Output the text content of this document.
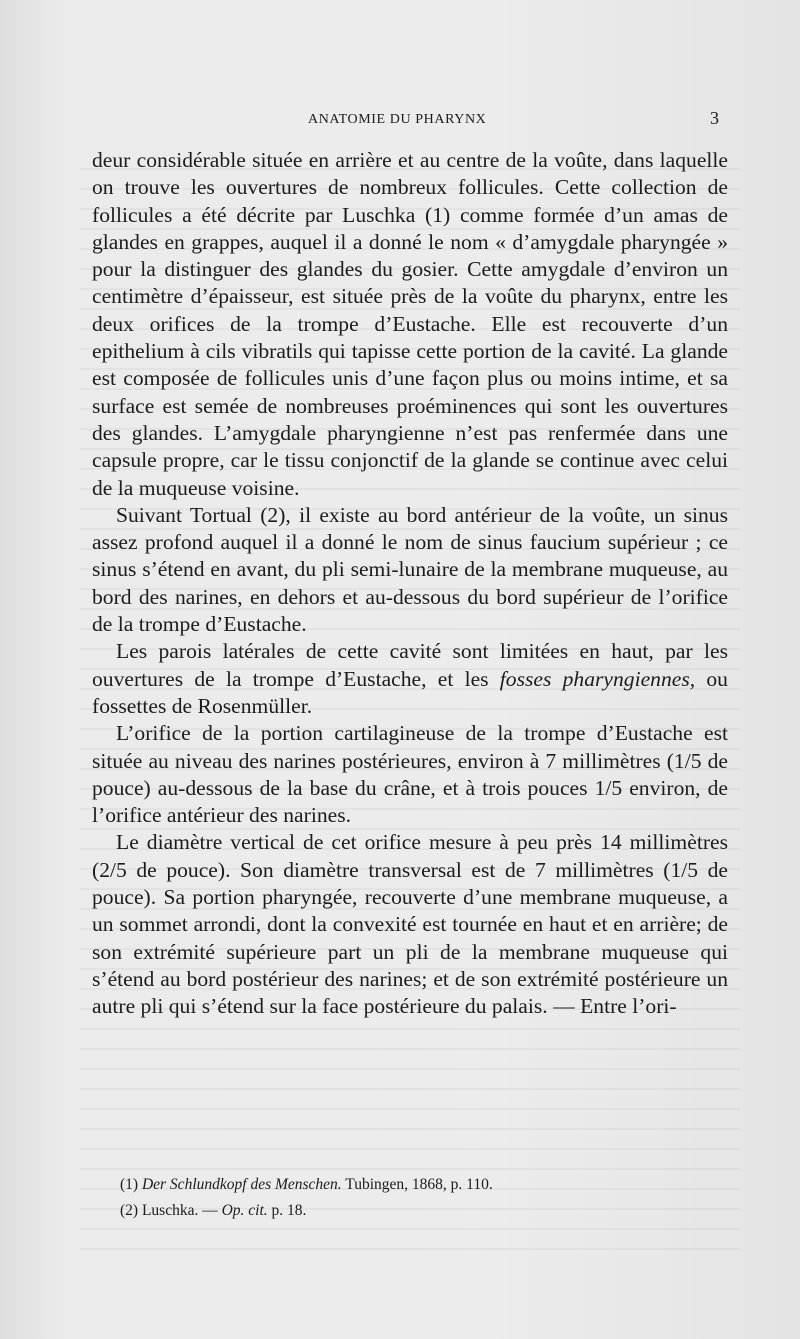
ANATOMIE DU PHARYNX	3

deur considérable située en arrière et au centre de la voûte, dans laquelle on trouve les ouvertures de nombreux follicules. Cette collection de follicules a été décrite par Luschka (1) comme formée d’un amas de glandes en grappes, auquel il a donné le nom « d’amygdale pharyngée » pour la distinguer des glandes du gosier. Cette amygdale d’environ un centimètre d’épaisseur, est située près de la voûte du pharynx, entre les deux orifices de la trompe d’Eustache. Elle est recouverte d’un epithelium à cils vibratils qui tapisse cette portion de la cavité. La glande est composée de follicules unis d’une façon plus ou moins intime, et sa surface est semée de nombreuses proéminences qui sont les ouvertures des glandes. L’amygdale pharyngienne n’est pas renfermée dans une capsule propre, car le tissu conjonctif de la glande se continue avec celui de la muqueuse voisine.

Suivant Tortual (2), il existe au bord antérieur de la voûte, un sinus assez profond auquel il a donné le nom de sinus faucium supérieur ; ce sinus s’étend en avant, du pli semi-lunaire de la membrane muqueuse, au bord des narines, en dehors et au-dessous du bord supérieur de l’orifice de la trompe d’Eustache.

Les parois latérales de cette cavité sont limitées en haut, par les ouvertures de la trompe d’Eustache, et les fosses pharyngiennes, ou fossettes de Rosenmüller.

L’orifice de la portion cartilagineuse de la trompe d’Eustache est située au niveau des narines postérieures, environ à 7 millimètres (1/5 de pouce) au-dessous de la base du crâne, et à trois pouces 1/5 environ, de l’orifice antérieur des narines.

Le diamètre vertical de cet orifice mesure à peu près 14 millimètres (2/5 de pouce). Son diamètre transversal est de 7 millimètres (1/5 de pouce). Sa portion pharyngée, recouverte d’une membrane muqueuse, a un sommet arrondi, dont la convexité est tournée en haut et en arrière; de son extrémité supérieure part un pli de la membrane muqueuse qui s’étend au bord postérieur des narines; et de son extrémité postérieure un autre pli qui s’étend sur la face postérieure du palais. — Entre l’ori-

(1) Der Schlundkopf des Menschen. Tubingen, 1868, p. 110.

(2) Luschka. — Op. cit. p. 18.
